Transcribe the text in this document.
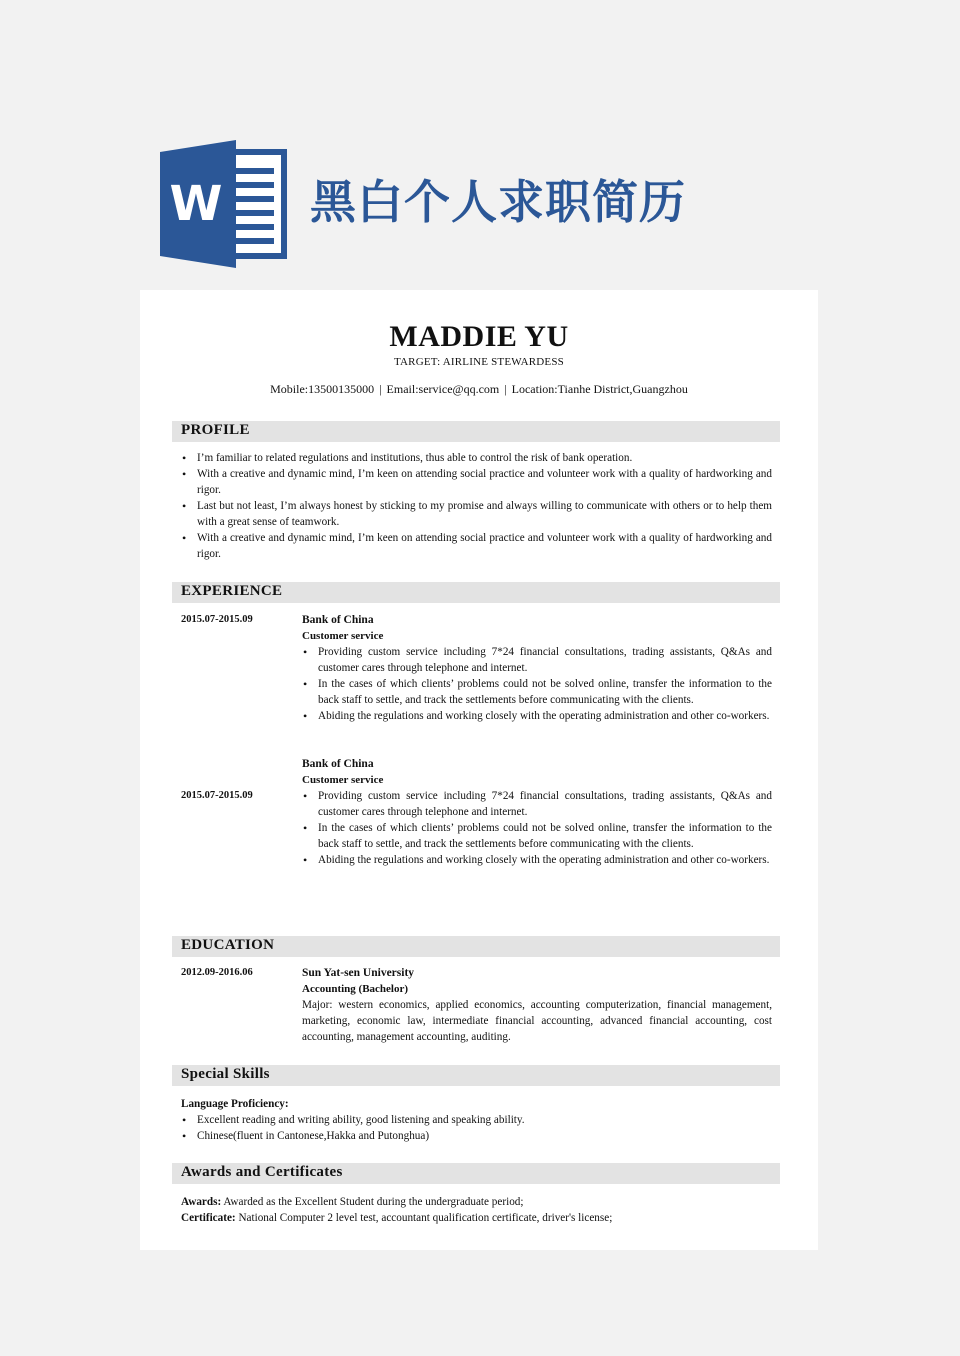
W 黑白个人求职简历
MADDIE YU
TARGET: AIRLINE STEWARDESS
Mobile:13500135000 | Email:service@qq.com | Location:Tianhe District,Guangzhou
PROFILE
• I’m familiar to related regulations and institutions, thus able to control the risk of bank operation.
• With a creative and dynamic mind, I’m keen on attending social practice and volunteer work with a quality of hardworking and rigor.
• Last but not least, I’m always honest by sticking to my promise and always willing to communicate with others or to help them with a great sense of teamwork.
• With a creative and dynamic mind, I’m keen on attending social practice and volunteer work with a quality of hardworking and rigor.
EXPERIENCE
2015.07-2015.09	Bank of China
Customer service
• Providing custom service including 7*24 financial consultations, trading assistants, Q&As and customer cares through telephone and internet.
• In the cases of which clients’ problems could not be solved online, transfer the information to the back staff to settle, and track the settlements before communicating with the clients.
• Abiding the regulations and working closely with the operating administration and other co-workers.
2015.07-2015.09
Bank of China
Customer service
• Providing custom service including 7*24 financial consultations, trading assistants, Q&As and customer cares through telephone and internet.
• In the cases of which clients’ problems could not be solved online, transfer the information to the back staff to settle, and track the settlements before communicating with the clients.
• Abiding the regulations and working closely with the operating administration and other co-workers.
EDUCATION
2012.09-2016.06	Sun Yat-sen University
Accounting (Bachelor)
Major: western economics, applied economics, accounting computerization, financial management, marketing, economic law, intermediate financial accounting, advanced financial accounting, cost accounting, management accounting, auditing.
Special Skills
Language Proficiency:
• Excellent reading and writing ability, good listening and speaking ability.
• Chinese(fluent in Cantonese,Hakka and Putonghua)
Awards and Certificates
Awards: Awarded as the Excellent Student during the undergraduate period;
Certificate: National Computer 2 level test, accountant qualification certificate, driver's license;
